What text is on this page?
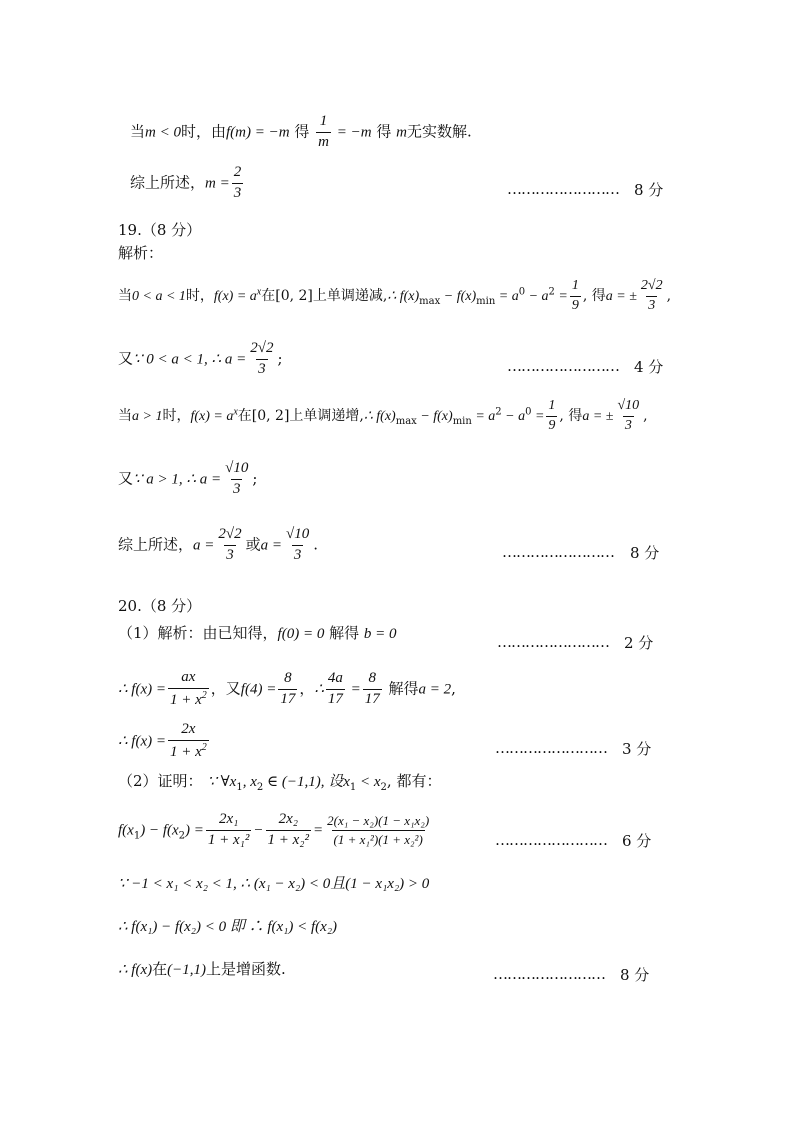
当m < 0时，由f(m) = −m 得 $\frac{1}{m} = -m$ 得 m无实数解.
综上所述，$m = \frac{2}{3}$	…………………… 8 分
19.（8 分）
解析：
当0 < a < 1时，$f(x) = a^x$在[0, 2]上单调递减,∴ $f(x)_{max} - f(x)_{min} = a^0 - a^2 = \frac{1}{9}$ , 得a = ± $\frac{2√2}{3}$ ,
又∵ 0 < a < 1, ∴ $a = \frac{2√2}{3}$ ;	…………………… 4 分
当a > 1时，$f(x) = a^x$在[0, 2]上单调递增,∴ $f(x)_{max} - f(x)_{min} = a^2 - a^0 = \frac{1}{9}$ , 得a = ± $\frac{√10}{3}$ ,
又∵ a > 1, ∴ $a = \frac{√10}{3}$ ;
综上所述，$a = \frac{2√2}{3}$ 或$a = \frac{√10}{3}$ .	…………………… 8 分
20.（8 分）
（1）解析：由已知得，f(0) = 0 解得 b = 0	…………………… 2 分
∴ $f(x) = \frac{ax}{1 + x^2}$ ，又$f(4) = \frac{8}{17}$ ，∴ $\frac{4a}{17} = \frac{8}{17}$ 解得a = 2,
∴ $f(x) = \frac{2x}{1 + x^2}$	…………………… 3 分
（2）证明： ∵ $\forall x_1$, $x_2$ ∈ (−1,1), 设$x_1 < x_2$, 都有：
$f(x_1) - f(x_2) = \frac{\text{2x₁}}{\text{1 + x₁²}} - \frac{\text{2x₂}}{\text{1 + x₂²}} = \frac{\text{2(x₁ − x₂)(1 − x₁x₂)}}{\text{(1 + x₁²)(1 + x₂²)}}$	…………………… 6 分
∵ −1 < x₁ < x₂ < 1, ∴ (x₁ − x₂) < 0且(1 − x₁x₂) > 0
∴ f(x₁) − f(x₂) < 0 即 ∴ f(x₁) < f(x₂)
∴ f(x)在(−1,1)上是增函数.	…………………… 8 分
